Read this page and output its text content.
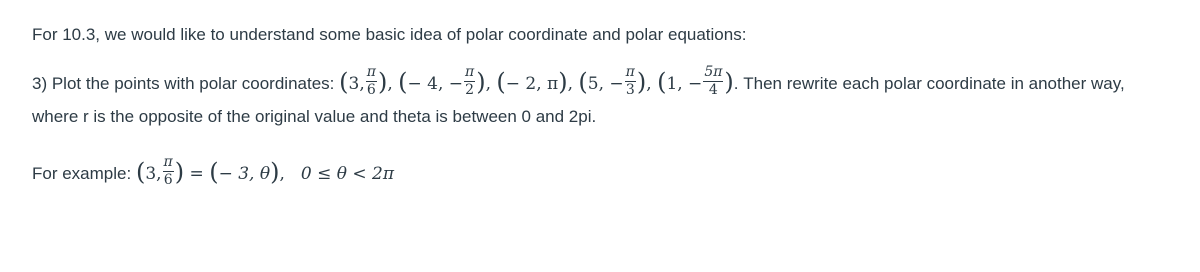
For 10.3, we would like to understand some basic idea of polar coordinate and polar equations:

3) Plot the points with polar coordinates: (3, $\frac{\pi}{6}$ ), (− 4, − $\frac{\pi}{2}$ ), (− 2, π), (5, − $\frac{\pi}{3}$ ), (1, − $\frac{5\pi}{4}$ ). Then rewrite each polar coordinate in another way, where r is the opposite of the original value and theta is between 0 and 2pi.
For example: (3, $\frac{\pi}{6}$ ) = (− 3, θ), 0 ≤ θ < 2π
